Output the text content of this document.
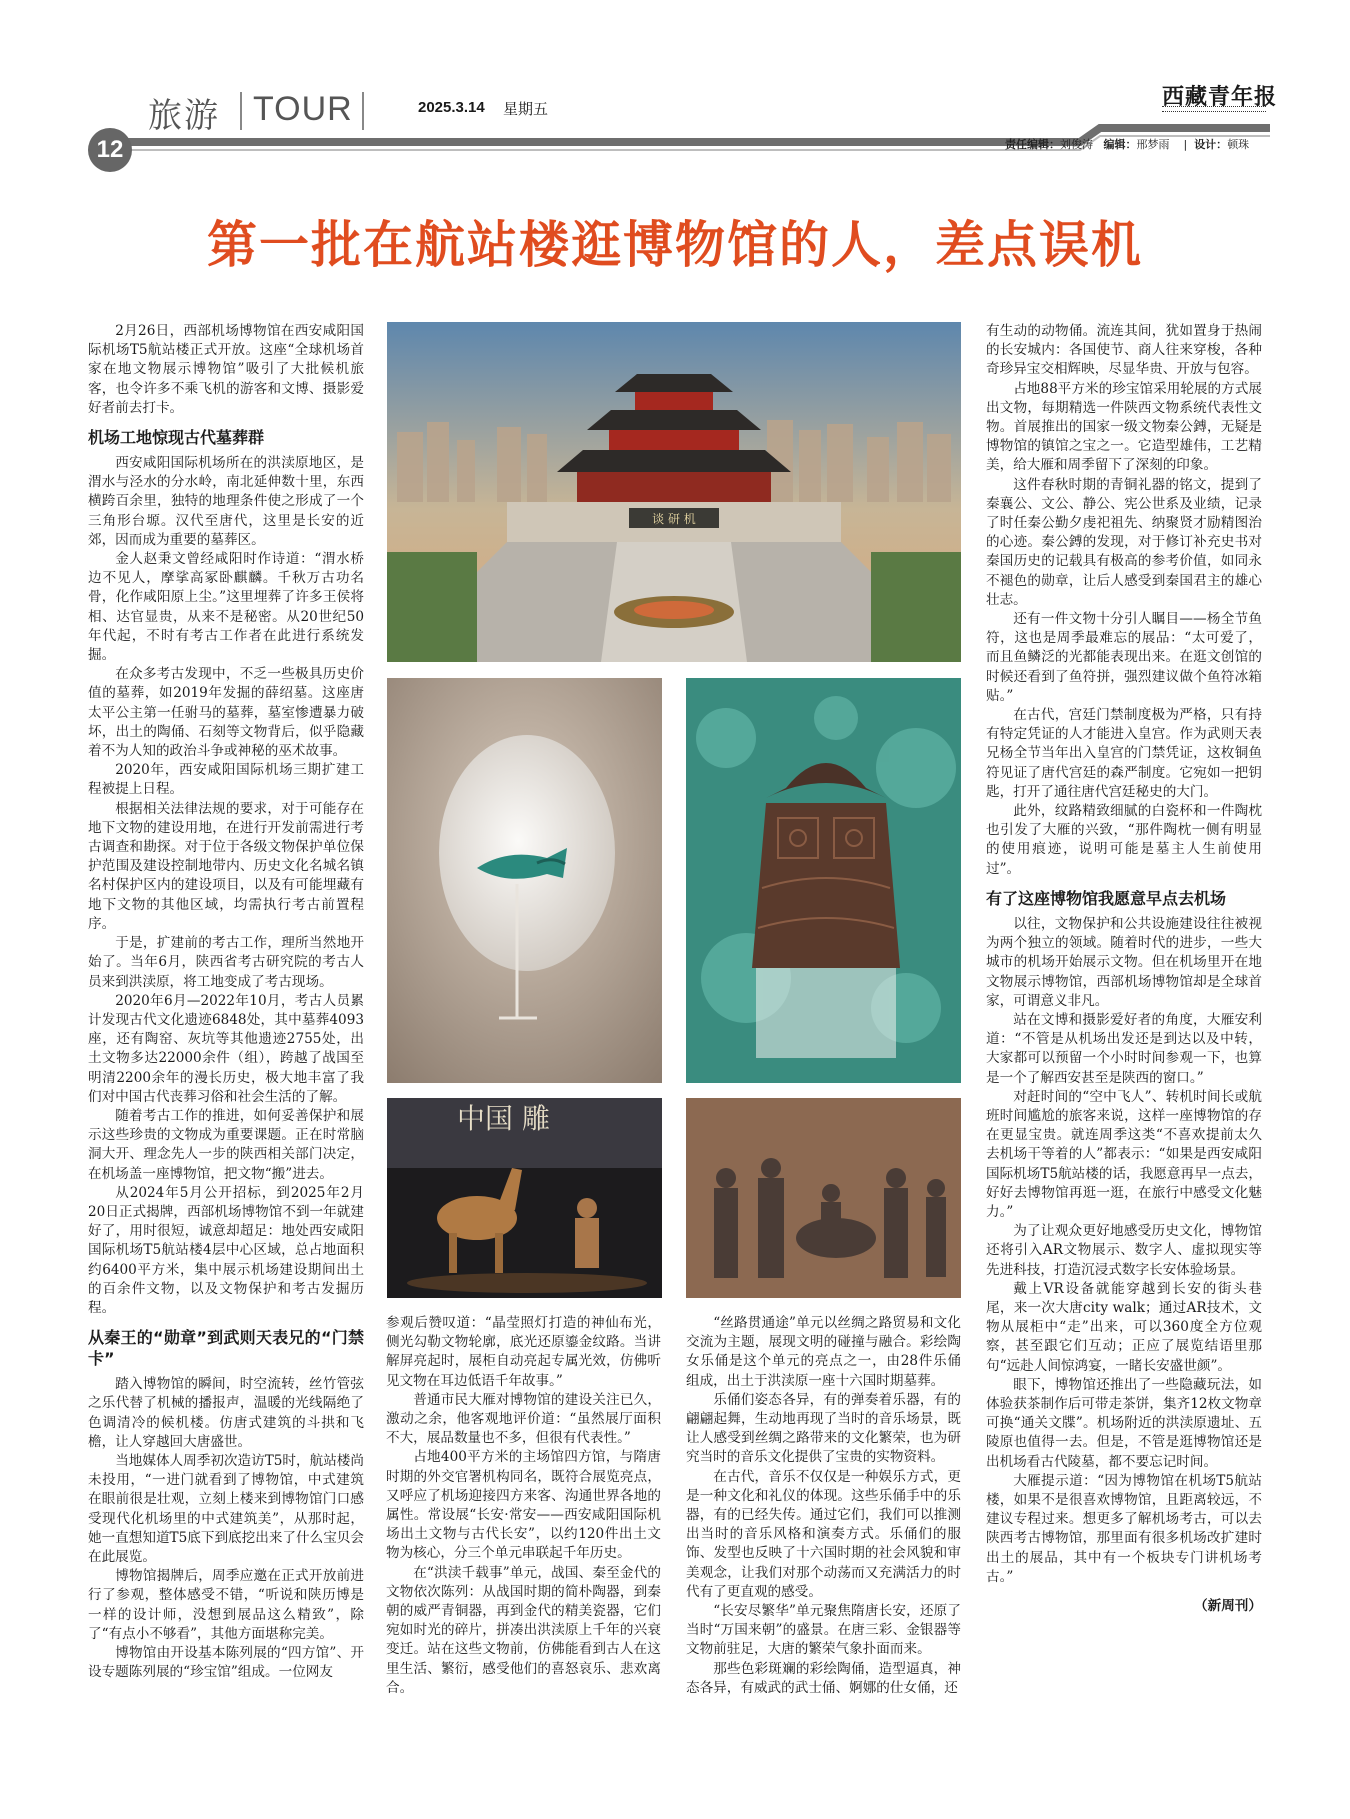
旅游 TOUR	2025.3.14 星期五	西藏青年报
12	责任编辑：刘俊涛 编辑：邢梦雨    |  设计：顿珠
第一批在航站楼逛博物馆的人，差点误机

2月26日，西部机场博物馆在西安咸阳国际机场T5航站楼正式开放。这座“全球机场首家在地文物展示博物馆”吸引了大批候机旅客，也令许多不乘飞机的游客和文博、摄影爱好者前去打卡。

机场工地惊现古代墓葬群

西安咸阳国际机场所在的洪渎原地区，是渭水与泾水的分水岭，南北延伸数十里，东西横跨百余里，独特的地理条件使之形成了一个三角形台塬。汉代至唐代，这里是长安的近郊，因而成为重要的墓葬区。

金人赵秉文曾经咸阳时作诗道：“渭水桥边不见人，摩挲高冢卧麒麟。千秋万古功名骨，化作咸阳原上尘。”这里埋葬了许多王侯将相、达官显贵，从来不是秘密。从20世纪50年代起，不时有考古工作者在此进行系统发掘。

在众多考古发现中，不乏一些极具历史价值的墓葬，如2019年发掘的薛绍墓。这座唐太平公主第一任驸马的墓葬，墓室惨遭暴力破坏，出土的陶俑、石刻等文物背后，似乎隐藏着不为人知的政治斗争或神秘的巫术故事。

2020年，西安咸阳国际机场三期扩建工程被提上日程。

根据相关法律法规的要求，对于可能存在地下文物的建设用地，在进行开发前需进行考古调查和勘探。对于位于各级文物保护单位保护范围及建设控制地带内、历史文化名城名镇名村保护区内的建设项目，以及有可能埋藏有地下文物的其他区域，均需执行考古前置程序。

于是，扩建前的考古工作，理所当然地开始了。当年6月，陕西省考古研究院的考古人员来到洪渎原，将工地变成了考古现场。

2020年6月—2022年10月，考古人员累计发现古代文化遗迹6848处，其中墓葬4093座，还有陶窑、灰坑等其他遗迹2755处，出土文物多达22000余件（组），跨越了战国至明清2200余年的漫长历史，极大地丰富了我们对中国古代丧葬习俗和社会生活的了解。

随着考古工作的推进，如何妥善保护和展示这些珍贵的文物成为重要课题。正在时常脑洞大开、理念先人一步的陕西相关部门决定，在机场盖一座博物馆，把文物“搬”进去。

从2024年5月公开招标，到2025年2月20日正式揭牌，西部机场博物馆不到一年就建好了，用时很短，诚意却超足：地处西安咸阳国际机场T5航站楼4层中心区域，总占地面积约6400平方米，集中展示机场建设期间出土的百余件文物，以及文物保护和考古发掘历程。

从秦王的“勋章”到武则天表兄的“门禁卡”

踏入博物馆的瞬间，时空流转，丝竹管弦之乐代替了机械的播报声，温暖的光线隔绝了色调清冷的候机楼。仿唐式建筑的斗拱和飞檐，让人穿越回大唐盛世。

当地媒体人周季初次造访T5时，航站楼尚未投用，“一进门就看到了博物馆，中式建筑在眼前很是壮观，立刻上楼来到博物馆门口感受现代化机场里的中式建筑美”，从那时起，她一直想知道T5底下到底挖出来了什么宝贝会在此展览。

博物馆揭牌后，周季应邀在正式开放前进行了参观，整体感受不错，“听说和陕历博是一样的设计师，没想到展品这么精致”，除了“有点小不够看”，其他方面堪称完美。

博物馆由开设基本陈列展的“四方馆”、开设专题陈列展的“珍宝馆”组成。一位网友

参观后赞叹道：“晶莹照灯打造的神仙布光，侧光勾勒文物轮廓，底光还原鎏金纹路。当讲解屏亮起时，展柜自动亮起专属光效，仿佛听见文物在耳边低语千年故事。”

普通市民大雁对博物馆的建设关注已久，激动之余，他客观地评价道：“虽然展厅面积不大，展品数量也不多，但很有代表性。”

占地400平方米的主场馆四方馆，与隋唐时期的外交官署机构同名，既符合展览亮点，又呼应了机场迎接四方来客、沟通世界各地的属性。常设展“长安·常安——西安咸阳国际机场出土文物与古代长安”，以约120件出土文物为核心，分三个单元串联起千年历史。

在“洪渎千载事”单元，战国、秦至金代的文物依次陈列：从战国时期的简朴陶器，到秦朝的威严青铜器，再到金代的精美瓷器，它们宛如时光的碎片，拼凑出洪渎原上千年的兴衰变迁。站在这些文物前，仿佛能看到古人在这里生活、繁衍，感受他们的喜怒哀乐、悲欢离合。

“丝路贯通途”单元以丝绸之路贸易和文化交流为主题，展现文明的碰撞与融合。彩绘陶女乐俑是这个单元的亮点之一，由28件乐俑组成，出土于洪渎原一座十六国时期墓葬。

乐俑们姿态各异，有的弹奏着乐器，有的翩翩起舞，生动地再现了当时的音乐场景，既让人感受到丝绸之路带来的文化繁荣，也为研究当时的音乐文化提供了宝贵的实物资料。

在古代，音乐不仅仅是一种娱乐方式，更是一种文化和礼仪的体现。这些乐俑手中的乐器，有的已经失传。通过它们，我们可以推测出当时的音乐风格和演奏方式。乐俑们的服饰、发型也反映了十六国时期的社会风貌和审美观念，让我们对那个动荡而又充满活力的时代有了更直观的感受。

“长安尽繁华”单元聚焦隋唐长安，还原了当时“万国来朝”的盛景。在唐三彩、金银器等文物前驻足，大唐的繁荣气象扑面而来。

那些色彩斑斓的彩绘陶俑，造型逼真，神态各异，有威武的武士俑、婀娜的仕女俑，还

有生动的动物俑。流连其间，犹如置身于热闹的长安城内：各国使节、商人往来穿梭，各种奇珍异宝交相辉映，尽显华贵、开放与包容。

占地88平方米的珍宝馆采用轮展的方式展出文物，每期精选一件陕西文物系统代表性文物。首展推出的国家一级文物秦公鎛，无疑是博物馆的镇馆之宝之一。它造型雄伟，工艺精美，给大雁和周季留下了深刻的印象。

这件春秋时期的青铜礼器的铭文，提到了秦襄公、文公、静公、宪公世系及业绩，记录了时任秦公勤夕虔祀祖先、纳聚贤才励精图治的心迹。秦公鎛的发现，对于修订补充史书对秦国历史的记载具有极高的参考价值，如同永不褪色的勋章，让后人感受到秦国君主的雄心壮志。

还有一件文物十分引人瞩目——杨全节鱼符，这也是周季最难忘的展品：“太可爱了，而且鱼鳞泛的光都能表现出来。在逛文创馆的时候还看到了鱼符拼，强烈建议做个鱼符冰箱贴。”

在古代，宫廷门禁制度极为严格，只有持有特定凭证的人才能进入皇宫。作为武则天表兄杨全节当年出入皇宫的门禁凭证，这枚铜鱼符见证了唐代宫廷的森严制度。它宛如一把钥匙，打开了通往唐代宫廷秘史的大门。

此外，纹路精致细腻的白瓷杯和一件陶枕也引发了大雁的兴致，“那件陶枕一侧有明显的使用痕迹，说明可能是墓主人生前使用过”。

有了这座博物馆我愿意早点去机场

以往，文物保护和公共设施建设往往被视为两个独立的领域。随着时代的进步，一些大城市的机场开始展示文物。但在机场里开在地文物展示博物馆，西部机场博物馆却是全球首家，可谓意义非凡。

站在文博和摄影爱好者的角度，大雁安利道：“不管是从机场出发还是到达以及中转，大家都可以预留一个小时时间参观一下，也算是一个了解西安甚至是陕西的窗口。”

对赶时间的“空中飞人”、转机时间长或航班时间尴尬的旅客来说，这样一座博物馆的存在更显宝贵。就连周季这类“不喜欢提前太久去机场干等着的人”都表示：“如果是西安咸阳国际机场T5航站楼的话，我愿意再早一点去，好好去博物馆再逛一逛，在旅行中感受文化魅力。”

为了让观众更好地感受历史文化，博物馆还将引入AR文物展示、数字人、虚拟现实等先进科技，打造沉浸式数字长安体验场景。

戴上VR设备就能穿越到长安的街头巷尾，来一次大唐city walk；通过AR技术，文物从展柜中“走”出来，可以360度全方位观察，甚至跟它们互动；正应了展览结语里那句“远赴人间惊鸿宴，一睹长安盛世颜”。

眼下，博物馆还推出了一些隐藏玩法，如体验获茶制作后可带走茶饼，集齐12枚文物章可换“通关文牒”。机场附近的洪渎原遗址、五陵原也值得一去。但是，不管是逛博物馆还是出机场看古代陵墓，都不要忘记时间。

大雁提示道：“因为博物馆在机场T5航站楼，如果不是很喜欢博物馆，且距离较远，不建议专程过来。想更多了解机场考古，可以去陕西考古博物馆，那里面有很多机场改扩建时出土的展品，其中有一个板块专门讲机场考古。”

（新周刊）

谈 研 机
中国 雕
